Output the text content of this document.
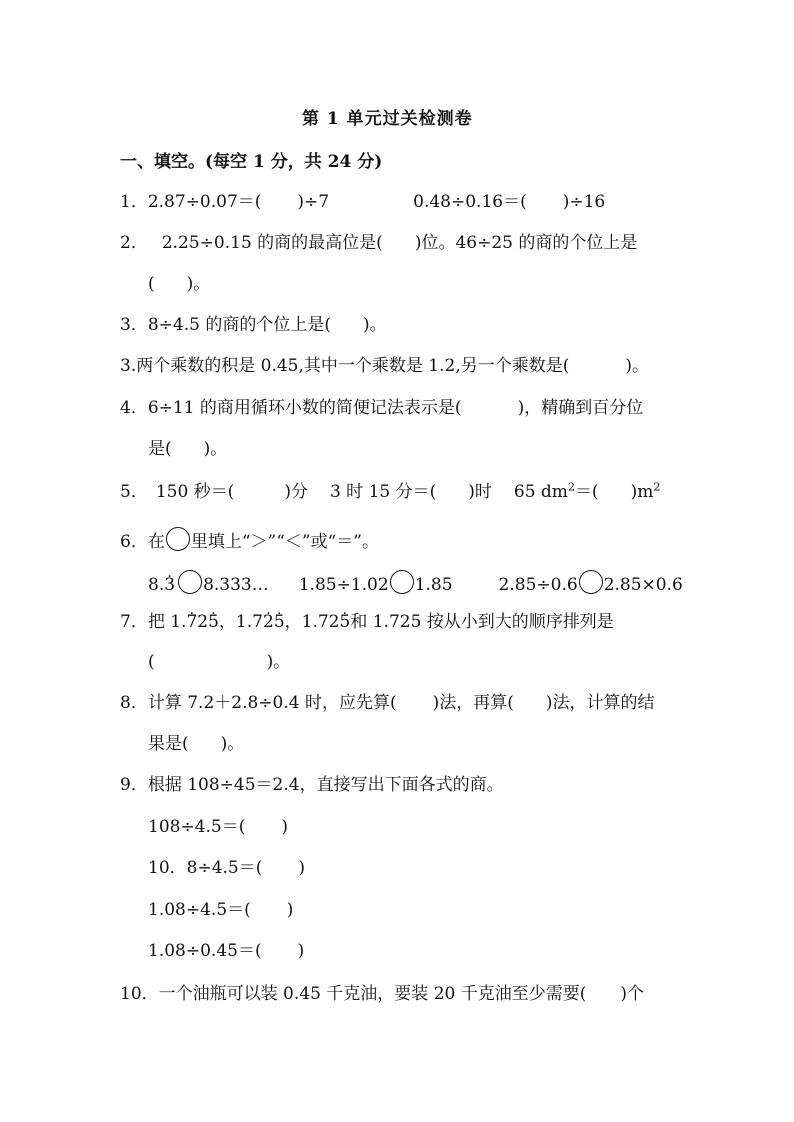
第 1 单元过关检测卷
一、填空。(每空 1 分，共 24 分)
1．2.87÷0.07＝( )÷7	0.48÷0.16＝( )÷16
2． 2.25÷0.15 的商的最高位是( )位。46÷25 的商的个位上是
( )。
3．8÷4.5 的商的个位上是( )。
3.两个乘数的积是 0.45,其中一个乘数是 1.2,另一个乘数是(	)。
4．6÷11 的商用循环小数的简便记法表示是(	)，精确到百分位
是( )。
5． 150 秒＝(	)分 3 时 15 分＝( )时 65 $dm^2=$( )$m^2$
6．在 里填上“＞”“＜”或“＝”。
8.. 3 8.333… 1.85÷1.02 1.85	2.85÷0.6 2.85×0.6
7．把 1.. 72. 5，1.7. 2. 5，1.72. 5和 1.725 按从小到大的顺序排列是
(	)。
8．计算 7.2＋2.8÷0.4 时，应先算( )法，再算( )法，计算的结
果是( )。
9．根据 108÷45＝2.4，直接写出下面各式的商。
108÷4.5＝( )
10．8÷4.5＝( )
1.08÷4.5＝( )
1.08÷0.45＝( )
10．一个油瓶可以装 0.45 千克油，要装 20 千克油至少需要( )个
